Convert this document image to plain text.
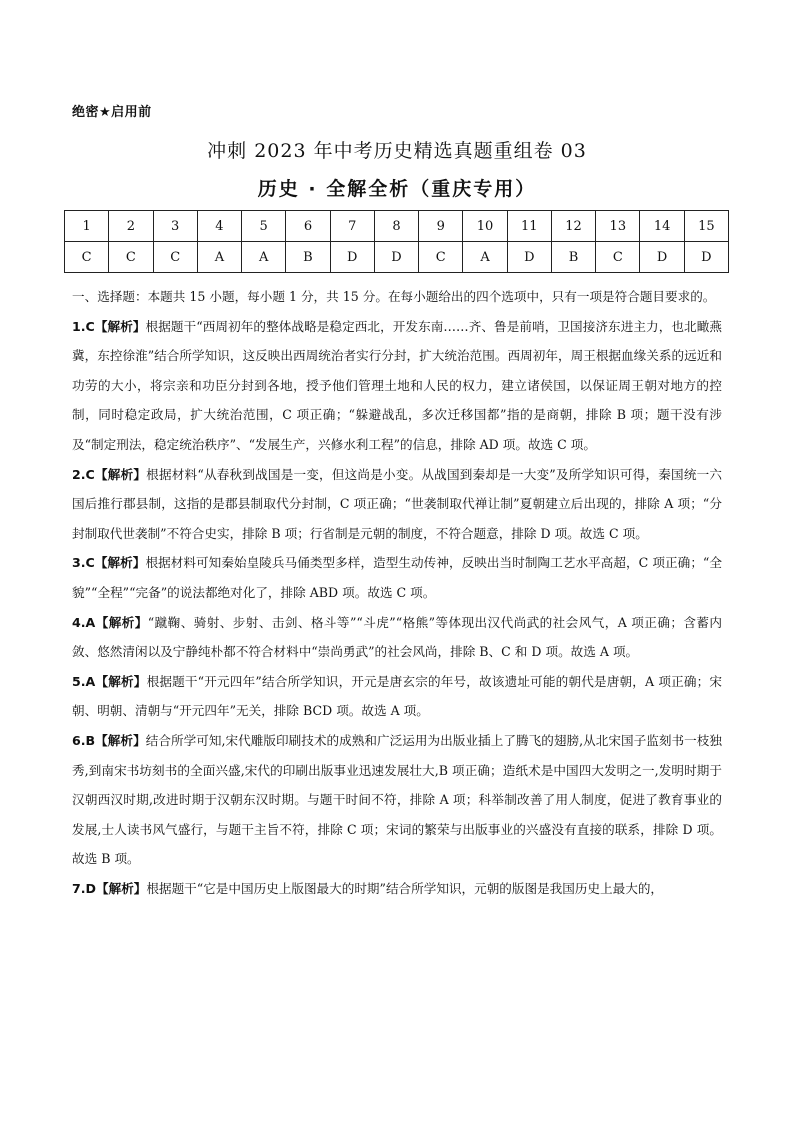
绝密★启用前
冲刺 2023 年中考历史精选真题重组卷 03
历史 · 全解全析（重庆专用）
1	2	3	4	5	6	7	8	9	10	11	12	13	14	15
C	C	C	A	A	B	D	D	C	A	D	B	C	D	D

一、选择题：本题共 15 小题，每小题 1 分，共 15 分。在每小题给出的四个选项中，只有一项是符合题目要求的。

1.C【解析】根据题干“西周初年的整体战略是稳定西北，开发东南……齐、鲁是前哨，卫国接济东进主力，也北瞰燕冀，东控徐淮”结合所学知识，这反映出西周统治者实行分封，扩大统治范围。西周初年，周王根据血缘关系的远近和功劳的大小，将宗亲和功臣分封到各地，授予他们管理土地和人民的权力，建立诸侯国，以保证周王朝对地方的控制，同时稳定政局，扩大统治范围，C 项正确；“躲避战乱，多次迁移国都”指的是商朝，排除 B 项；题干没有涉及“制定刑法，稳定统治秩序”、“发展生产，兴修水利工程”的信息，排除 AD 项。故选 C 项。

2.C【解析】根据材料“从春秋到战国是一变，但这尚是小变。从战国到秦却是一大变”及所学知识可得，秦国统一六国后推行郡县制，这指的是郡县制取代分封制，C 项正确；“世袭制取代禅让制”夏朝建立后出现的，排除 A 项；“分封制取代世袭制”不符合史实，排除 B 项；行省制是元朝的制度，不符合题意，排除 D 项。故选 C 项。

3.C【解析】根据材料可知秦始皇陵兵马俑类型多样，造型生动传神，反映出当时制陶工艺水平高超，C 项正确；“全貌”“全程”“完备”的说法都绝对化了，排除 ABD 项。故选 C 项。

4.A【解析】“蹴鞠、骑射、步射、击剑、格斗等”“斗虎”“格熊”等体现出汉代尚武的社会风气，A 项正确；含蓄内敛、悠然清闲以及宁静纯朴都不符合材料中“崇尚勇武”的社会风尚，排除 B、C 和 D 项。故选 A 项。

5.A【解析】根据题干“开元四年”结合所学知识，开元是唐玄宗的年号，故该遗址可能的朝代是唐朝，A 项正确；宋朝、明朝、清朝与“开元四年”无关，排除 BCD 项。故选 A 项。

6.B【解析】结合所学可知,宋代雕版印刷技术的成熟和广泛运用为出版业插上了腾飞的翅膀,从北宋国子监刻书一枝独秀,到南宋书坊刻书的全面兴盛,宋代的印刷出版事业迅速发展壮大,B 项正确；造纸术是中国四大发明之一,发明时期于汉朝西汉时期,改进时期于汉朝东汉时期。与题干时间不符，排除 A 项；科举制改善了用人制度，促进了教育事业的发展,士人读书风气盛行，与题干主旨不符，排除 C 项；宋词的繁荣与出版事业的兴盛没有直接的联系，排除 D 项。故选 B 项。

7.D【解析】根据题干“它是中国历史上版图最大的时期”结合所学知识，元朝的版图是我国历史上最大的，
